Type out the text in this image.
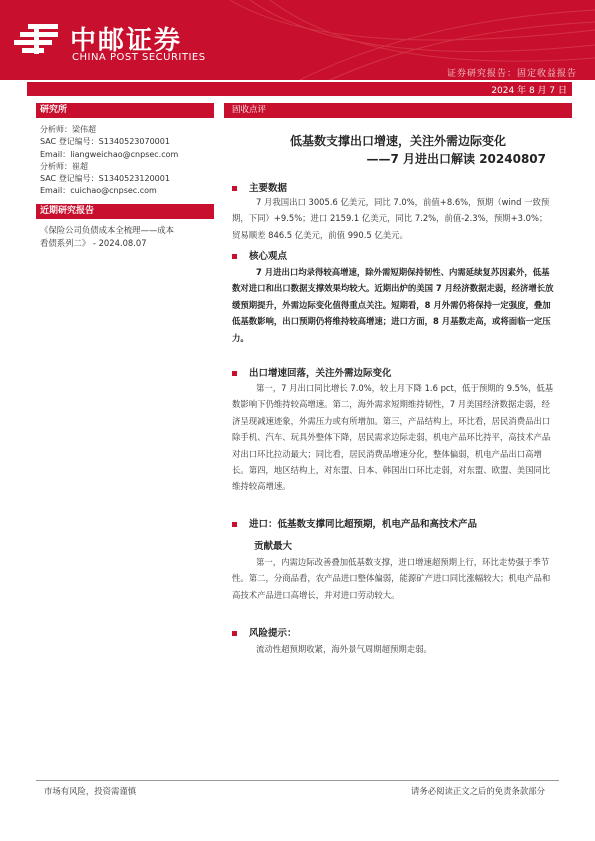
中邮证券
CHINA POST SECURITIES
证券研究报告：固定收益报告
2024 年 8 月 7 日
研究所
分析师：梁伟超
SAC 登记编号：S1340523070001
Email：liangweichao@cnpsec.com
分析师：崔超
SAC 登记编号：S1340523120001
Email：cuichao@cnpsec.com
近期研究报告
《保险公司负债成本全梳理——成本
看债系列二》 - 2024.08.07
固收点评
低基数支撑出口增速，关注外需边际变化
——7 月进出口解读 20240807
主要数据
7 月我国出口 3005.6 亿美元，同比 7.0%，前值+8.6%，预期（wind 一致预期，下同）+9.5%；进口 2159.1 亿美元，同比 7.2%，前值-2.3%，预期+3.0%；贸易顺差 846.5 亿美元，前值 990.5 亿美元。
核心观点
7 月进出口均录得较高增速，除外需短期保持韧性、内需延续复苏因素外，低基数对进口和出口数据支撑效果均较大。近期出炉的美国 7 月经济数据走弱，经济增长放缓预期提升，外需边际变化值得重点关注。短期看，8 月外需仍将保持一定强度，叠加低基数影响，出口预期仍将维持较高增速；进口方面，8 月基数走高，或将面临一定压力。
出口增速回落，关注外需边际变化
第一，7 月出口同比增长 7.0%，较上月下降 1.6 pct，低于预期的 9.5%，低基数影响下仍维持较高增速。第二，海外需求短期维持韧性，7 月美国经济数据走弱，经济呈现减速迹象，外需压力或有所增加。第三，产品结构上，环比看，居民消费品出口除手机、汽车、玩具外整体下降，居民需求边际走弱，机电产品环比持平，高技术产品对出口环比拉动最大；同比看，居民消费品增速分化，整体偏弱，机电产品出口高增长。第四，地区结构上，对东盟、日本、韩国出口环比走弱，对东盟、欧盟、美国同比维持较高增速。
进口：低基数支撑同比超预期，机电产品和高技术产品
贡献最大
第一，内需边际改善叠加低基数支撑，进口增速超预期上行，环比走势强于季节性。第二，分商品看，农产品进口整体偏弱，能源矿产进口同比涨幅较大；机电产品和高技术产品进口高增长，并对进口劳动较大。
风险提示：
流动性超预期收紧，海外景气周期超预期走弱。
市场有风险，投资需谨慎	请务必阅读正文之后的免责条款部分
